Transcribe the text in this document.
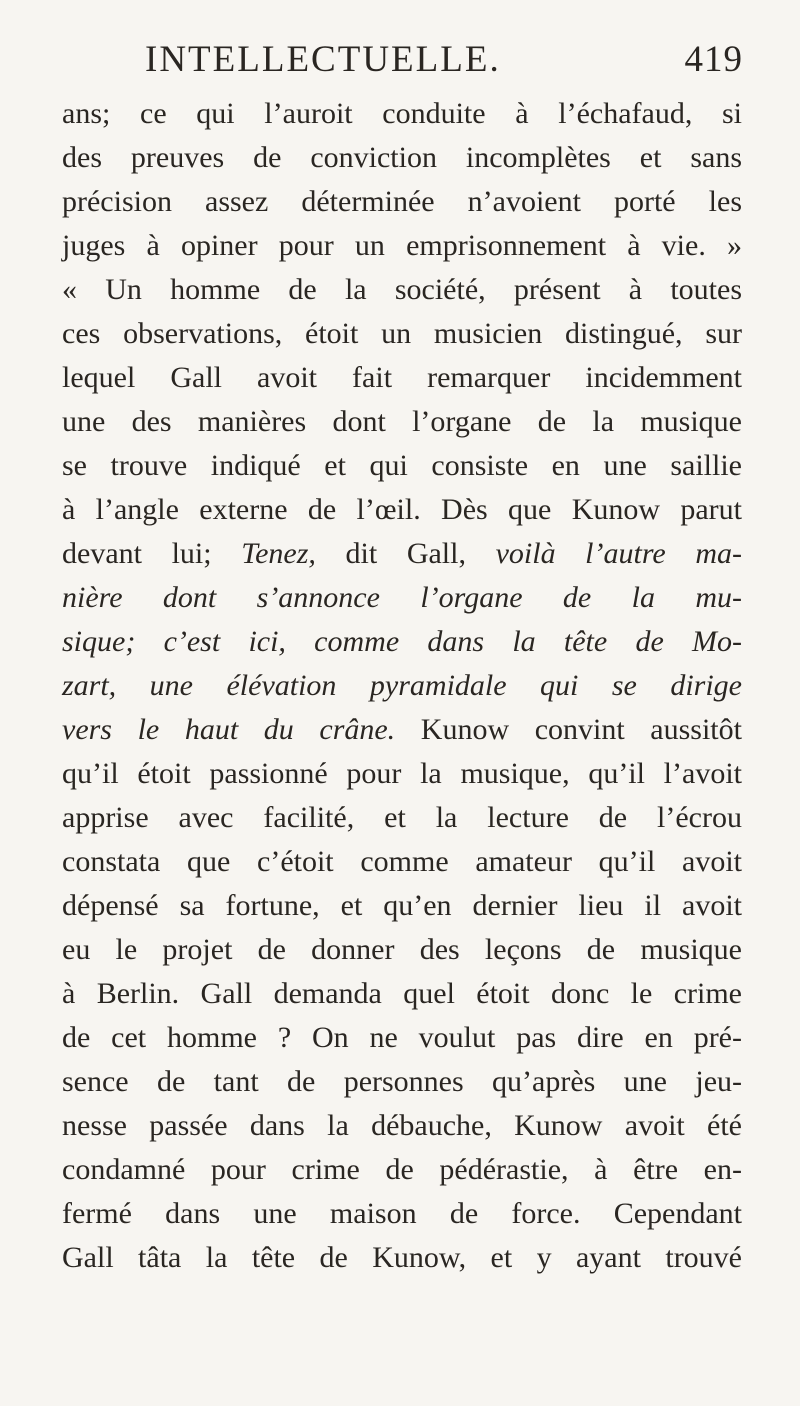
INTELLECTUELLE.	419
ans; ce qui l’auroit conduite à l’échafaud, si
des preuves de conviction incomplètes et sans
précision assez déterminée n’avoient porté les
juges à opiner pour un emprisonnement à vie. »
« Un homme de la société, présent à toutes
ces observations, étoit un musicien distingué, sur
lequel Gall avoit fait remarquer incidemment
une des manières dont l’organe de la musique
se trouve indiqué et qui consiste en une saillie
à l’angle externe de l’œil. Dès que Kunow parut
devant lui; Tenez, dit Gall, voilà l’autre ma-
nière dont s’annonce l’organe de la mu-
sique; c’est ici, comme dans la tête de Mo-
zart, une élévation pyramidale qui se dirige
vers le haut du crâne. Kunow convint aussitôt
qu’il étoit passionné pour la musique, qu’il l’avoit
apprise avec facilité, et la lecture de l’écrou
constata que c’étoit comme amateur qu’il avoit
dépensé sa fortune, et qu’en dernier lieu il avoit
eu le projet de donner des leçons de musique
à Berlin. Gall demanda quel étoit donc le crime
de cet homme ? On ne voulut pas dire en pré-
sence de tant de personnes qu’après une jeu-
nesse passée dans la débauche, Kunow avoit été
condamné pour crime de pédérastie, à être en-
fermé dans une maison de force. Cependant
Gall tâta la tête de Kunow, et y ayant trouvé
